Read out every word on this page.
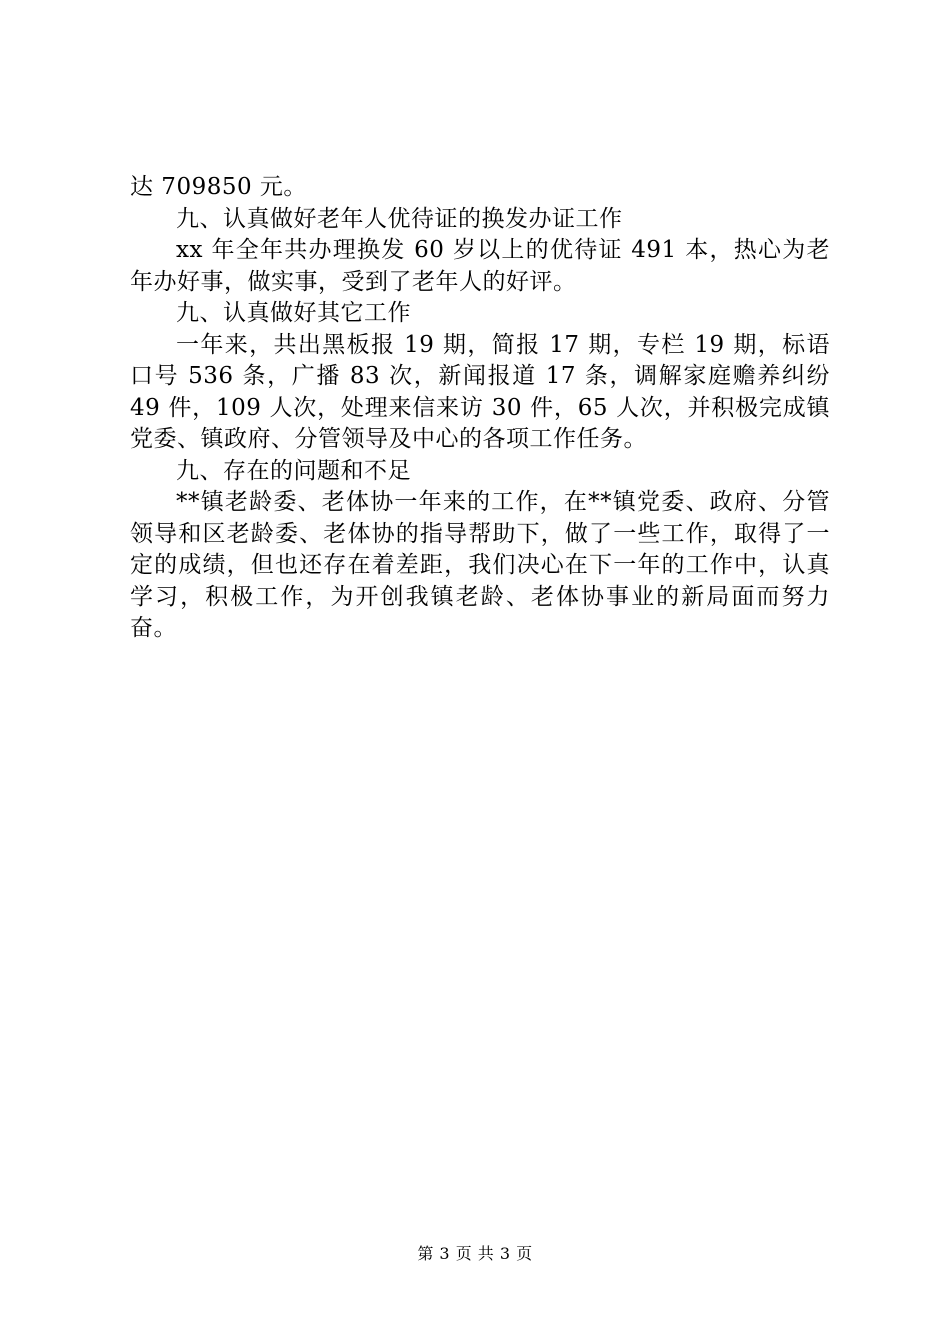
达 709850 元。

九、认真做好老年人优待证的换发办证工作

xx 年全年共办理换发 60 岁以上的优待证 491 本，热心为老年办好事，做实事，受到了老年人的好评。

九、认真做好其它工作

一年来，共出黑板报 19 期，简报 17 期，专栏 19 期，标语口号 536 条，广播 83 次，新闻报道 17 条，调解家庭赡养纠纷 49 件，109 人次，处理来信来访 30 件，65 人次，并积极完成镇党委、镇政府、分管领导及中心的各项工作任务。

九、存在的问题和不足

**镇老龄委、老体协一年来的工作，在**镇党委、政府、分管领导和区老龄委、老体协的指导帮助下，做了一些工作，取得了一定的成绩，但也还存在着差距，我们决心在下一年的工作中，认真学习，积极工作，为开创我镇老龄、老体协事业的新局面而努力奋。

第 3 页 共 3 页
